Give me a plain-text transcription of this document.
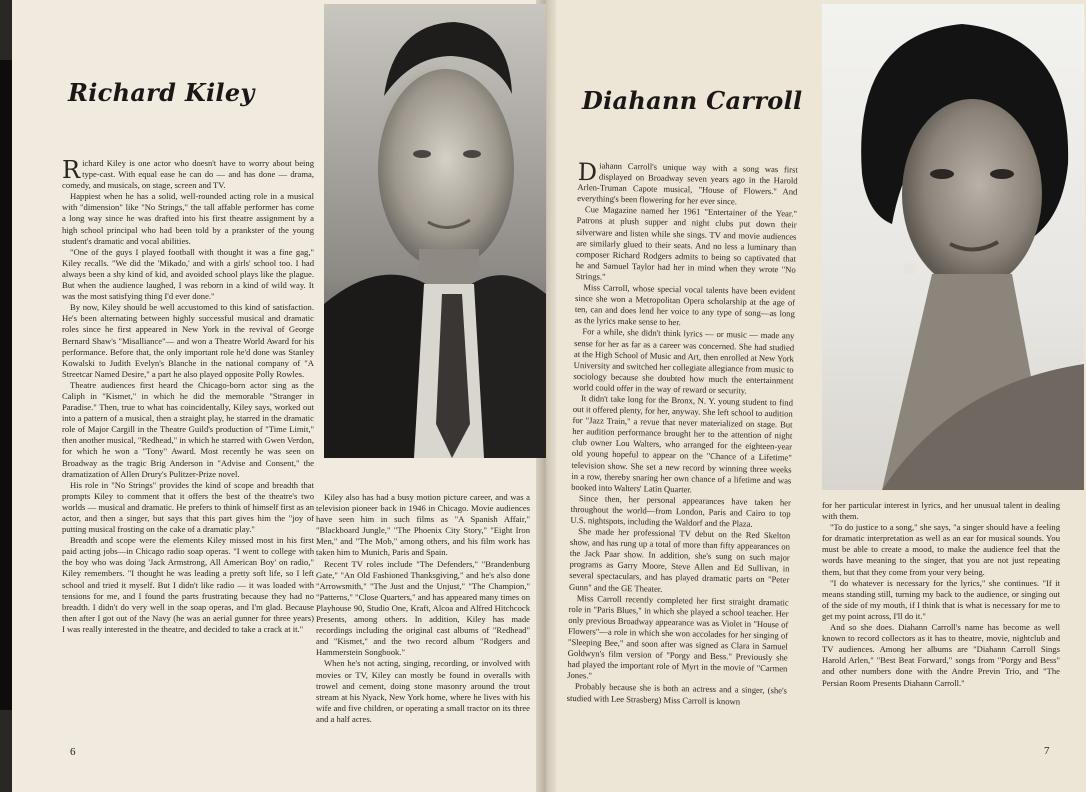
Richard Kiley	Diahann Carroll

Richard Kiley is one actor who doesn't have to worry about being type-cast. With equal ease he can do — and has done — drama, comedy, and musicals, on stage, screen and TV.

Happiest when he has a solid, well-rounded acting role in a musical with "dimension" like "No Strings," the tall affable performer has come a long way since he was drafted into his first theatre assignment by a high school principal who had been told by a prankster of the young student's dramatic and vocal abilities.

"One of the guys I played football with thought it was a fine gag," Kiley recalls. "We did the 'Mikado,' and with a girls' school too. I had always been a shy kind of kid, and avoided school plays like the plague. But when the audience laughed, I was reborn in a kind of wild way. It was the most satisfying thing I'd ever done."

By now, Kiley should be well accustomed to this kind of satisfaction. He's been alternating between highly successful musical and dramatic roles since he first appeared in New York in the revival of George Bernard Shaw's "Misalliance"— and won a Theatre World Award for his performance. Before that, the only important role he'd done was Stanley Kowalski to Judith Evelyn's Blanche in the national company of "A Streetcar Named Desire," a part he also played opposite Polly Rowles.

Theatre audiences first heard the Chicago-born actor sing as the Caliph in "Kismet," in which he did the memorable "Stranger in Paradise." Then, true to what has coincidentally, Kiley says, worked out into a pattern of a musical, then a straight play, he starred in the dramatic role of Major Cargill in the Theatre Guild's production of "Time Limit," then another musical, "Redhead," in which he starred with Gwen Verdon, for which he won a "Tony" Award. Most recently he was seen on Broadway as the tragic Brig Anderson in "Advise and Consent," the dramatization of Allen Drury's Pulitzer-Prize novel.

His role in "No Strings" provides the kind of scope and breadth that prompts Kiley to comment that it offers the best of the theatre's two worlds — musical and dramatic. He prefers to think of himself first as an actor, and then a singer, but says that this part gives him the "joy of putting musical frosting on the cake of a dramatic play."

Breadth and scope were the elements Kiley missed most in his first paid acting jobs—in Chicago radio soap operas. "I went to college with the boy who was doing 'Jack Armstrong, All American Boy' on radio," Kiley remembers. "I thought he was leading a pretty soft life, so I left school and tried it myself. But I didn't like radio — it was loaded with tensions for me, and I found the parts frustrating because they had no breadth. I didn't do very well in the soap operas, and I'm glad. Because then after I got out of the Navy (he was an aerial gunner for three years) I was really interested in the theatre, and decided to take a crack at it."

Kiley also has had a busy motion picture career, and was a television pioneer back in 1946 in Chicago. Movie audiences have seen him in such films as "A Spanish Affair," "Blackboard Jungle," "The Phoenix City Story," "Eight Iron Men," and "The Mob," among others, and his film work has taken him to Munich, Paris and Spain.

Recent TV roles include "The Defenders," "Brandenburg Gate," "An Old Fashioned Thanksgiving," and he's also done "Arrowsmith," "The Just and the Unjust," "The Champion," "Patterns," "Close Quarters," and has appeared many times on Playhouse 90, Studio One, Kraft, Alcoa and Alfred Hitchcock Presents, among others. In addition, Kiley has made recordings including the original cast albums of "Redhead" and "Kismet," and the two record album "Rodgers and Hammerstein Songbook."

When he's not acting, singing, recording, or involved with movies or TV, Kiley can mostly be found in overalls with trowel and cement, doing stone masonry around the trout stream at his Nyack, New York home, where he lives with his wife and five children, or operating a small tractor on its three and a half acres.

Diahann Carroll's unique way with a song was first displayed on Broadway seven years ago in the Harold Arlen-Truman Capote musical, "House of Flowers." And everything's been flowering for her ever since.

Cue Magazine named her 1961 "Entertainer of the Year." Patrons at plush supper and night clubs put down their silverware and listen while she sings. TV and movie audiences are similarly glued to their seats. And no less a luminary than composer Richard Rodgers admits to being so captivated that he and Samuel Taylor had her in mind when they wrote "No Strings."

Miss Carroll, whose special vocal talents have been evident since she won a Metropolitan Opera scholarship at the age of ten, can and does lend her voice to any type of song—as long as the lyrics make sense to her.

For a while, she didn't think lyrics — or music — made any sense for her as far as a career was concerned. She had studied at the High School of Music and Art, then enrolled at New York University and switched her collegiate allegiance from music to sociology because she doubted how much the entertainment world could offer in the way of reward or security.

It didn't take long for the Bronx, N. Y. young student to find out it offered plenty, for her, anyway. She left school to audition for "Jazz Train," a revue that never materialized on stage. But her audition performance brought her to the attention of night club owner Lou Walters, who arranged for the eighteen-year old young hopeful to appear on the "Chance of a Lifetime" television show. She set a new record by winning three weeks in a row, thereby snaring her own chance of a lifetime and was booked into Walters' Latin Quarter.

Since then, her personal appearances have taken her throughout the world—from London, Paris and Cairo to top U.S. nightspots, including the Waldorf and the Plaza.

She made her professional TV debut on the Red Skelton show, and has rung up a total of more than fifty appearances on the Jack Paar show. In addition, she's sung on such major programs as Garry Moore, Steve Allen and Ed Sullivan, in several spectaculars, and has played dramatic parts on "Peter Gunn" and the GE Theater.

Miss Carroll recently completed her first straight dramatic role in "Paris Blues," in which she played a school teacher. Her only previous Broadway appearance was as Violet in "House of Flowers"—a role in which she won accolades for her singing of "Sleeping Bee," and soon after was signed as Clara in Samuel Goldwyn's film version of "Porgy and Bess." Previously she had played the important role of Myrt in the movie of "Carmen Jones."

Probably because she is both an actress and a singer, (she's studied with Lee Strasberg) Miss Carroll is known

for her particular interest in lyrics, and her unusual talent in dealing with them.

"To do justice to a song," she says, "a singer should have a feeling for dramatic interpretation as well as an ear for musical sounds. You must be able to create a mood, to make the audience feel that the words have meaning to the singer, that you are not just repeating them, but that they come from your very being.

"I do whatever is necessary for the lyrics," she continues. "If it means standing still, turning my back to the audience, or singing out of the side of my mouth, if I think that is what is necessary for me to get my point across, I'll do it."

And so she does. Diahann Carroll's name has become as well known to record collectors as it has to theatre, movie, nightclub and TV audiences. Among her albums are "Diahann Carroll Sings Harold Arlen," "Best Beat Forward," songs from "Porgy and Bess" and other numbers done with the Andre Previn Trio, and "The Persian Room Presents Diahann Carroll."

6	7
